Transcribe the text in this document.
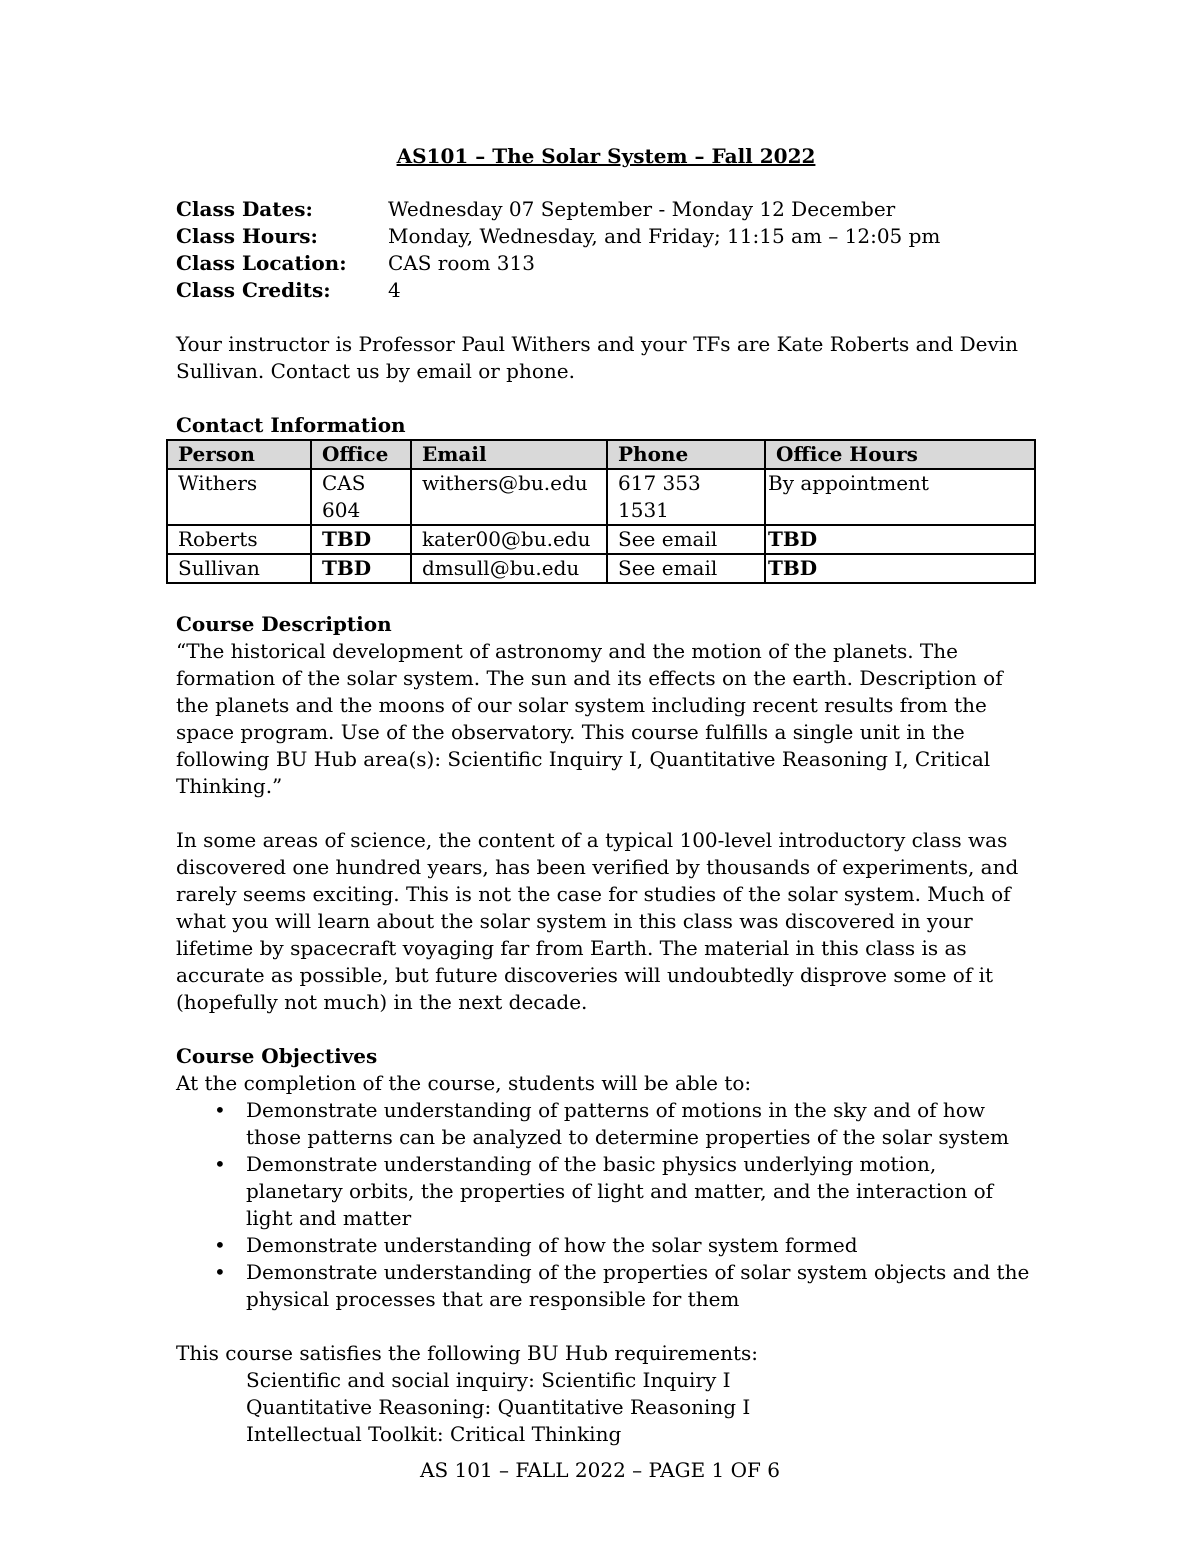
AS101 – The Solar System – Fall 2022
Class Dates:	Wednesday 07 September - Monday 12 December
Class Hours:	Monday, Wednesday, and Friday; 11:15 am – 12:05 pm
Class Location:	CAS room 313
Class Credits:	4

Your instructor is Professor Paul Withers and your TFs are Kate Roberts and Devin Sullivan. Contact us by email or phone.

Contact Information
Person	Office	Email	Phone	Office Hours
Withers	CAS 604	withers@bu.edu	617 353 1531	By appointment
Roberts	TBD	kater00@bu.edu	See email	TBD
Sullivan	TBD	dmsull@bu.edu	See email	TBD
Course Description

“The historical development of astronomy and the motion of the planets. The formation of the solar system. The sun and its effects on the earth. Description of the planets and the moons of our solar system including recent results from the space program. Use of the observatory. This course fulfills a single unit in the following BU Hub area(s): Scientific Inquiry I, Quantitative Reasoning I, Critical Thinking.”

In some areas of science, the content of a typical 100-level introductory class was discovered one hundred years, has been verified by thousands of experiments, and rarely seems exciting. This is not the case for studies of the solar system. Much of what you will learn about the solar system in this class was discovered in your lifetime by spacecraft voyaging far from Earth. The material in this class is as accurate as possible, but future discoveries will undoubtedly disprove some of it (hopefully not much) in the next decade.

Course Objectives

At the completion of the course, students will be able to:

• Demonstrate understanding of patterns of motions in the sky and of how those patterns can be analyzed to determine properties of the solar system
• Demonstrate understanding of the basic physics underlying motion, planetary orbits, the properties of light and matter, and the interaction of light and matter
• Demonstrate understanding of how the solar system formed
• Demonstrate understanding of the properties of solar system objects and the physical processes that are responsible for them

This course satisfies the following BU Hub requirements:

Scientific and social inquiry: Scientific Inquiry I
Quantitative Reasoning: Quantitative Reasoning I
Intellectual Toolkit: Critical Thinking
AS 101 – FALL 2022 – PAGE 1 OF 6
